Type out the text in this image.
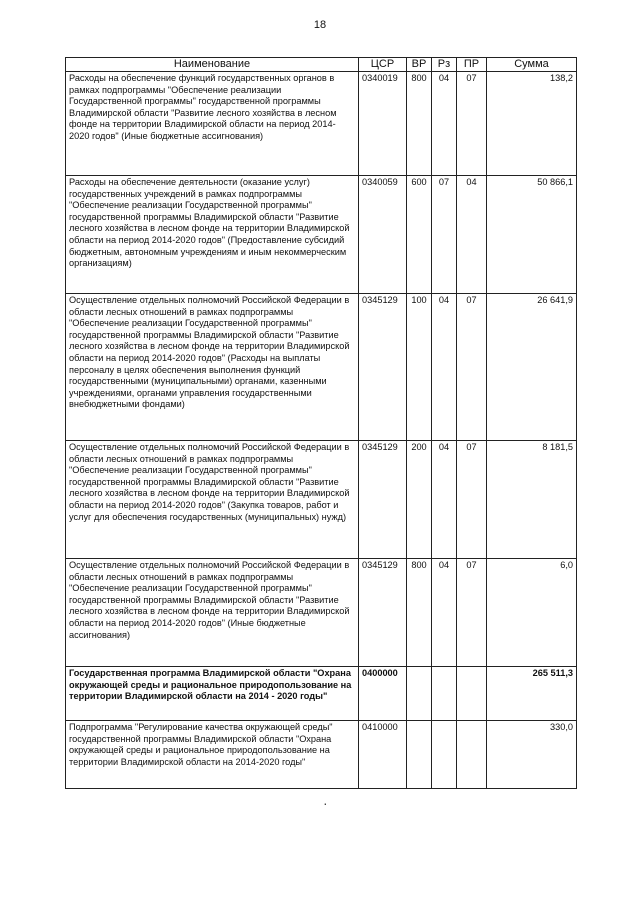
18
Наименование	ЦСР	ВР	Рз	ПР	Сумма
Расходы на обеспечение функций государственных органов в рамках подпрограммы "Обеспечение реализации Государственной программы" государственной программы Владимирской области "Развитие лесного хозяйства в лесном фонде на территории Владимирской области на период 2014-2020 годов" (Иные бюджетные ассигнования)	0340019	800	04	07	138,2
Расходы на обеспечение деятельности (оказание услуг) государственных учреждений в рамках подпрограммы "Обеспечение реализации Государственной программы" государственной программы Владимирской области "Развитие лесного хозяйства в лесном фонде на территории Владимирской области на период 2014-2020 годов" (Предоставление субсидий бюджетным, автономным учреждениям и иным некоммерческим организациям)	0340059	600	07	04	50 866,1
Осуществление отдельных полномочий Российской Федерации в области лесных отношений в рамках подпрограммы "Обеспечение реализации Государственной программы" государственной программы Владимирской области "Развитие лесного хозяйства в лесном фонде на территории Владимирской области на период 2014-2020 годов" (Расходы на выплаты персоналу в целях обеспечения выполнения функций государственными (муниципальными) органами, казенными учреждениями, органами управления государственными внебюджетными фондами)	0345129	100	04	07	26 641,9
Осуществление отдельных полномочий Российской Федерации в области лесных отношений в рамках подпрограммы "Обеспечение реализации Государственной программы" государственной программы Владимирской области "Развитие лесного хозяйства в лесном фонде на территории Владимирской области на период 2014-2020 годов" (Закупка товаров, работ и услуг для обеспечения государственных (муниципальных) нужд)	0345129	200	04	07	8 181,5
Осуществление отдельных полномочий Российской Федерации в области лесных отношений в рамках подпрограммы "Обеспечение реализации Государственной программы" государственной программы Владимирской области "Развитие лесного хозяйства в лесном фонде на территории Владимирской области на период 2014-2020 годов" (Иные бюджетные ассигнования)	0345129	800	04	07	6,0
Государственная программа Владимирской области "Охрана окружающей среды и рациональное природопользование на территории Владимирской области на 2014 - 2020 годы"	0400000				265 511,3
Подпрограмма "Регулирование качества окружающей среды" государственной программы Владимирской области "Охрана окружающей среды и рациональное природопользование на территории Владимирской области на 2014-2020 годы"	0410000				330,0
·
